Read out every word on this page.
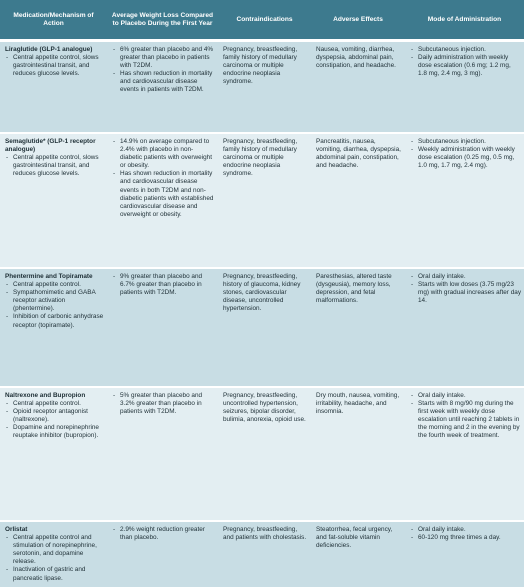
Medication/Mechanism of Action
Average Weight Loss Compared to Placebo During the First Year
Contraindications	Adverse Effects	Mode of Administration
Liraglutide (GLP-1 analogue)
- Central appetite control, slows gastrointestinal transit, and reduces glucose levels.
- 6% greater than placebo and 4% greater than placebo in patients with T2DM.
- Has shown reduction in mortality and cardiovascular disease events in patients with T2DM.
Pregnancy, breastfeeding, family history of medullary carcinoma or multiple endocrine neoplasia syndrome.
Nausea, vomiting, diarrhea, dyspepsia, abdominal pain, constipation, and headache.
- Subcutaneous injection.
- Daily administration with weekly dose escalation (0.6 mg; 1.2 mg, 1.8 mg, 2.4 mg, 3 mg).
Semaglutide* (GLP-1 receptor analogue)
- Central appetite control, slows gastrointestinal transit, and reduces glucose levels.
- 14.9% on average compared to 2.4% with placebo in non-diabetic patients with overweight or obesity.
- Has shown reduction in mortality and cardiovascular disease events in both T2DM and non-diabetic patients with established cardiovascular disease and overweight or obesity.
Pregnancy, breastfeeding, family history of medullary carcinoma or multiple endocrine neoplasia syndrome.
Pancreatitis, nausea, vomiting, diarrhea, dyspepsia, abdominal pain, constipation, and headache.
- Subcutaneous injection.
- Weekly administration with weekly dose escalation (0.25 mg, 0.5 mg, 1.0 mg, 1.7 mg, 2.4 mg).
Phentermine and Topiramate
- Central appetite control.
- Sympathomimetic and GABA receptor activation (phentermine).
- Inhibition of carbonic anhydrase receptor (topiramate).
- 9% greater than placebo and 6.7% greater than placebo in patients with T2DM.
Pregnancy, breastfeeding, history of glaucoma, kidney stones, cardiovascular disease, uncontrolled hypertension.
Paresthesias, altered taste (dysgeusia), memory loss, depression, and fetal malformations.
- Oral daily intake.
- Starts with low doses (3.75 mg/23 mg) with gradual increases after day 14.
Naltrexone and Bupropion
- Central appetite control.
- Opioid receptor antagonist (naltrexone).
- Dopamine and norepinephrine reuptake inhibitor (bupropion).
- 5% greater than placebo and 3.2% greater than placebo in patients with T2DM.
Pregnancy, breastfeeding, uncontrolled hypertension, seizures, bipolar disorder, bulimia, anorexia, opioid use.
Dry mouth, nausea, vomiting, irritability, headache, and insomnia.
- Oral daily intake.
- Starts with 8 mg/90 mg during the first week with weekly dose escalation until reaching 2 tablets in the morning and 2 in the evening by the fourth week of treatment.
Orlistat
- Central appetite control and stimulation of norepinephrine, serotonin, and dopamine release.
- Inactivation of gastric and pancreatic lipase.
- 2.9% weight reduction greater than placebo.
Pregnancy, breastfeeding, and patients with cholestasis.
Steatorrhea, fecal urgency, and fat-soluble vitamin deficiencies.
- Oral daily intake.
- 60-120 mg three times a day.
